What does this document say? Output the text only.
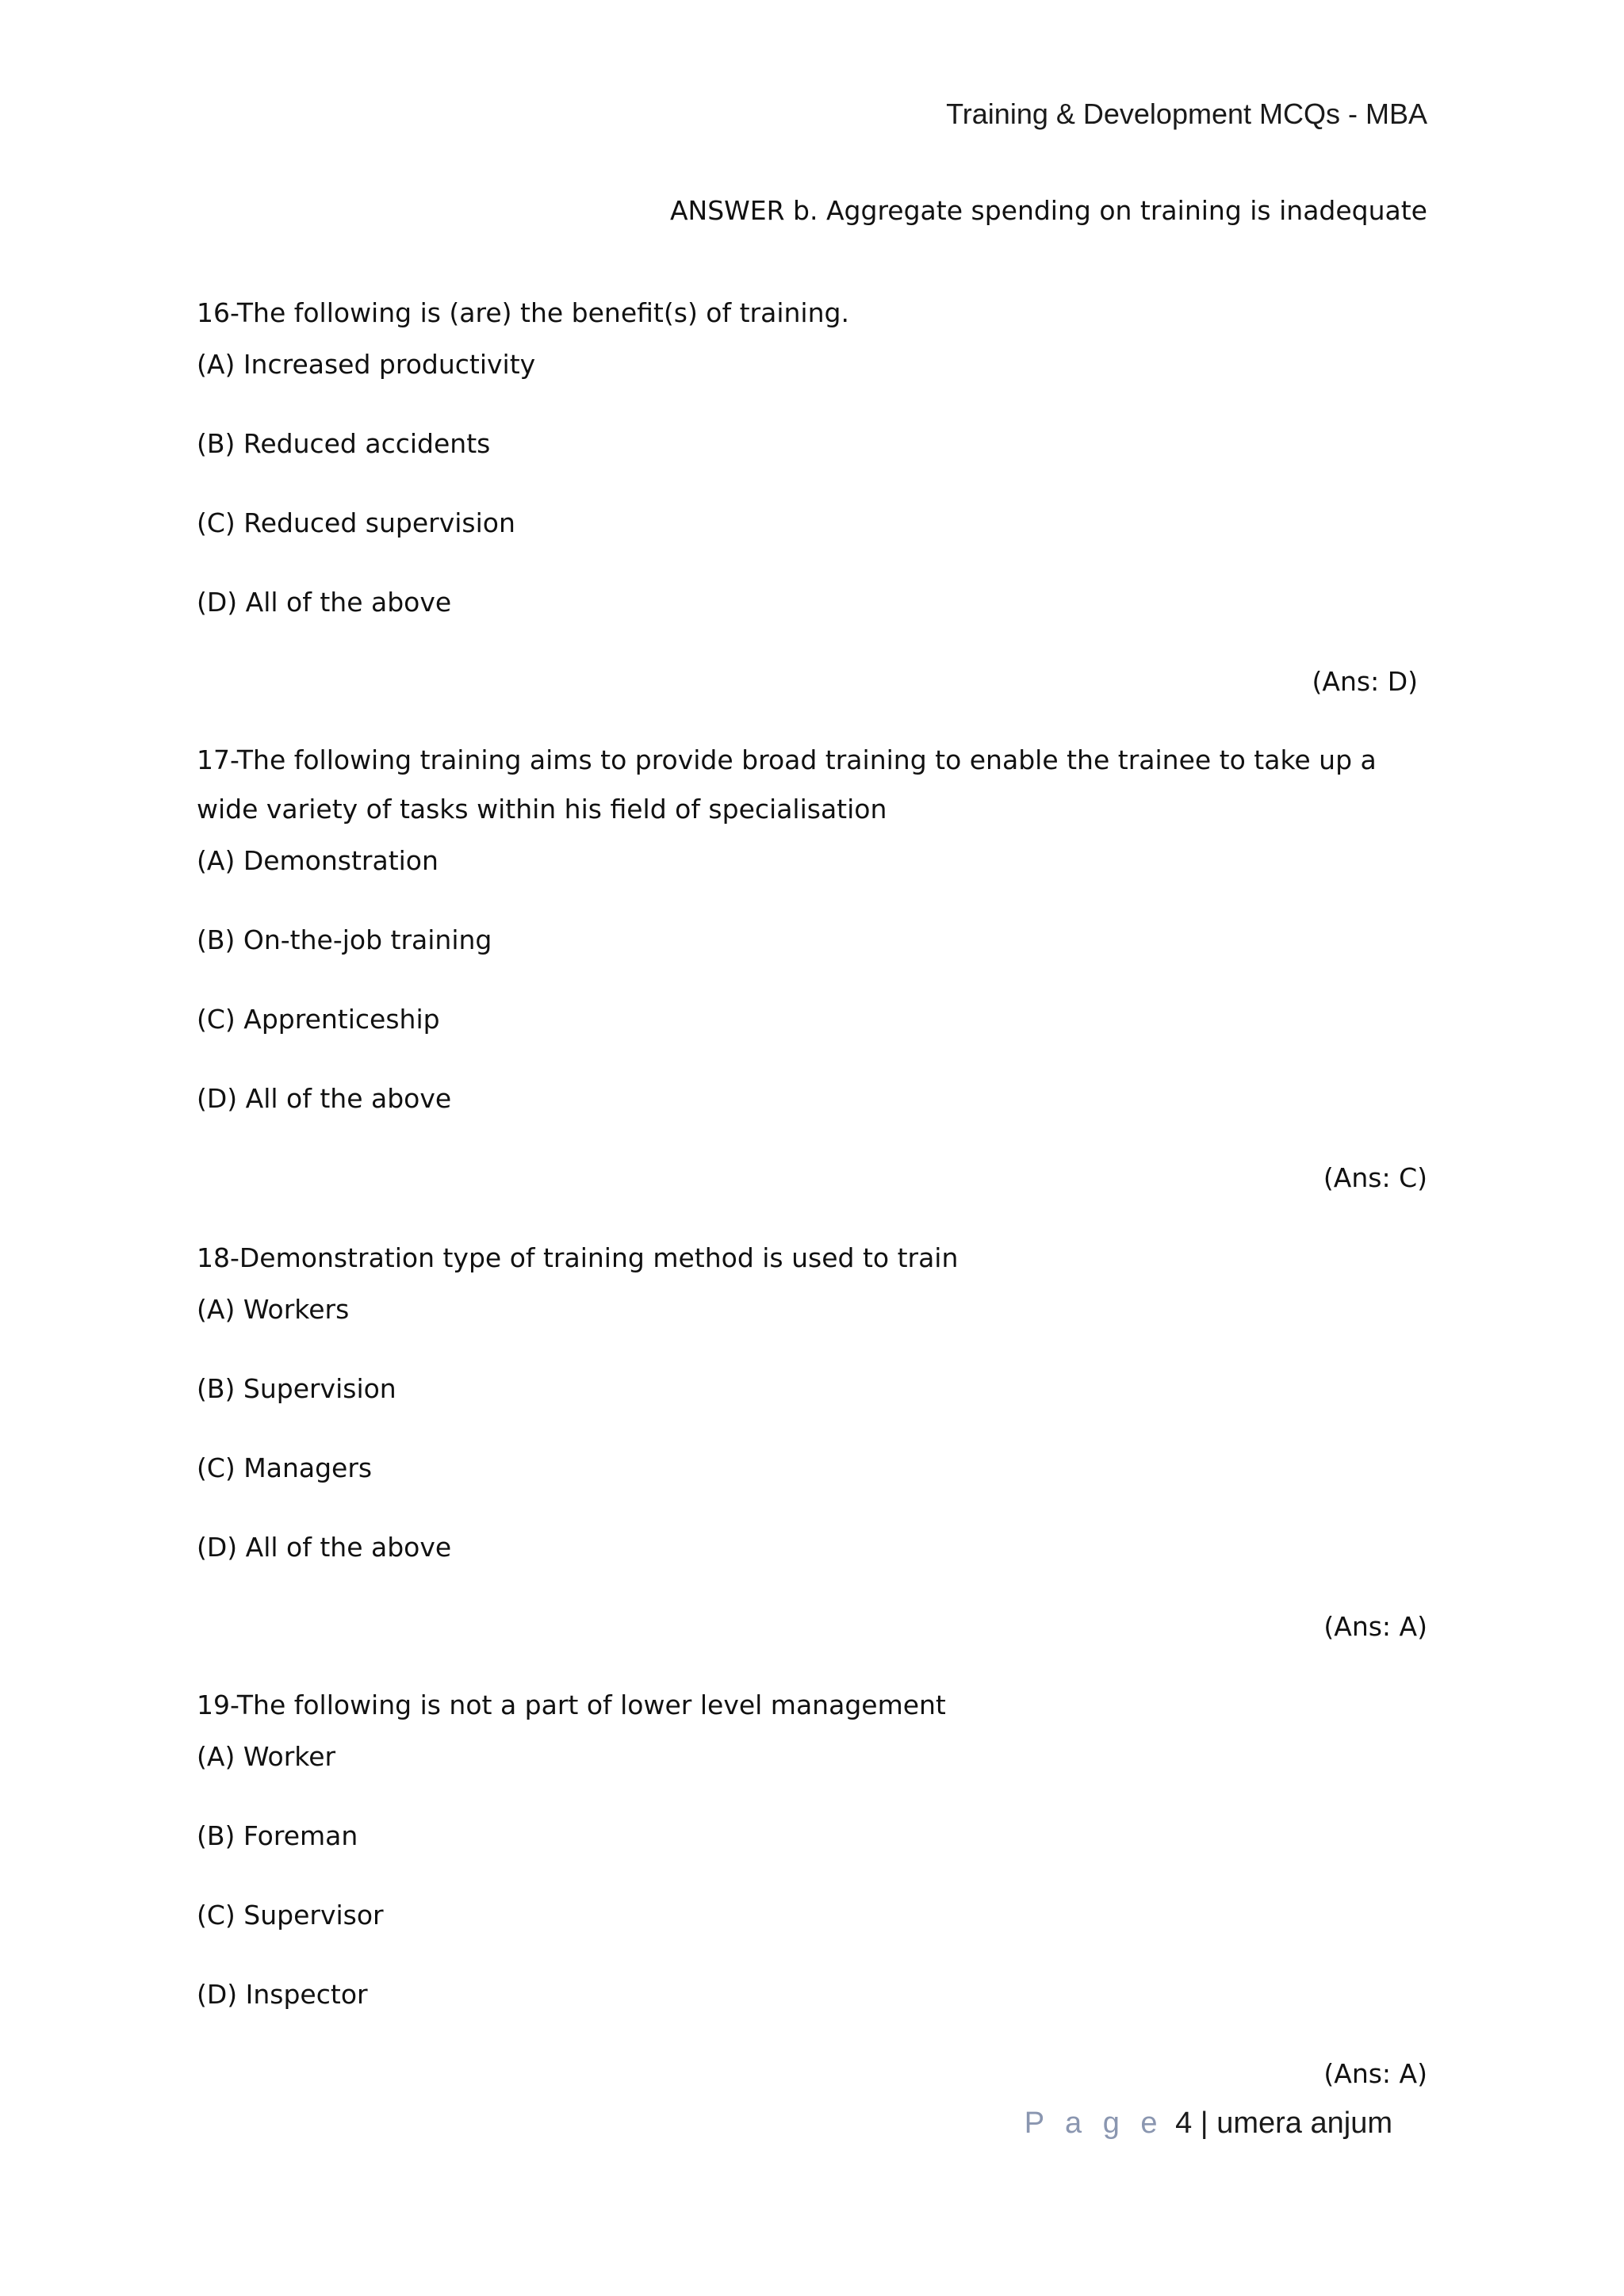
Training & Development MCQs - MBA
ANSWER b. Aggregate spending on training is inadequate

16-The following is (are) the benefit(s) of training.

(A) Increased productivity

(B) Reduced accidents

(C) Reduced supervision

(D) All of the above

(Ans: D)

17-The following training aims to provide broad training to enable the trainee to take up a wide variety of tasks within his field of specialisation

(A) Demonstration

(B) On-the-job training

(C) Apprenticeship

(D) All of the above

(Ans: C)

18-Demonstration type of training method is used to train

(A) Workers

(B) Supervision

(C) Managers

(D) All of the above

(Ans: A)

19-The following is not a part of lower level management

(A) Worker

(B) Foreman

(C) Supervisor

(D) Inspector

(Ans: A)
P a g e 4 | umera anjum
